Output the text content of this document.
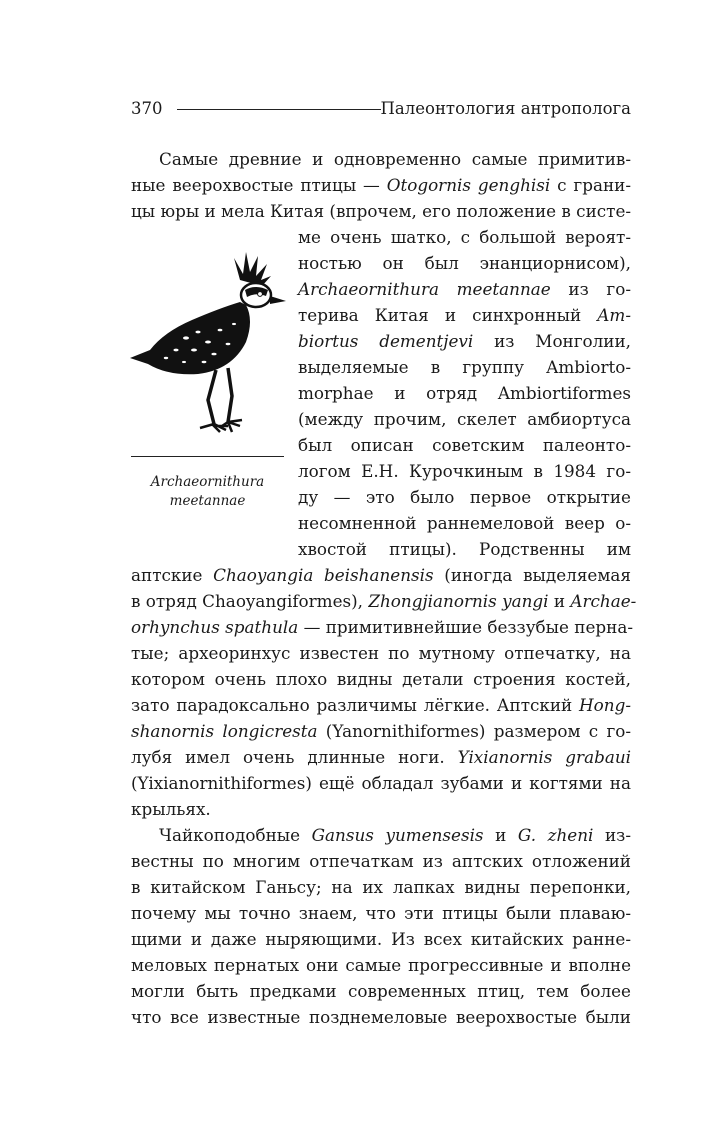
370	Палеонтология антрополога
Archaeornithura
meetannae
Самые древние и одновременно самые примитив-
ные веерохвостые птицы — Otogornis genghisi с грани-
цы юры и мела Китая (впрочем, его положение в систе-
ме очень шатко, с большой вероят-
ностью он был энанциорнисом),
Archaeornithura meetannae из го-
терива Китая и синхронный Am-
biortus dementjevi из Монголии,
выделяемые в группу Ambiorto-
morphae и отряд Ambiortiformes
(между прочим, скелет амбиортуса
был описан советским палеонто-
логом Е.Н. Курочкиным в 1984 го-
ду — это было первое открытие
несомненной раннемеловой веер о-
хвостой птицы). Родственны им
аптские Chaoyangia beishanensis (иногда выделяемая
в отряд Chaoyangiformes), Zhongjianornis yangi и Archae-
orhynchus spathula — примитивнейшие беззубые перна-
тые; археоринхус известен по мутному отпечатку, на
котором очень плохо видны детали строения костей,
зато парадоксально различимы лёгкие. Аптский Hong-
shanornis longicresta (Yanornithiformes) размером с го-
лубя имел очень длинные ноги. Yixianornis grabaui
(Yixianornithiformes) ещё обладал зубами и когтями на
крыльях.
Чайкоподобные Gansus yumensesis и G. zheni из-
вестны по многим отпечаткам из аптских отложений
в китайском Ганьсу; на их лапках видны перепонки,
почему мы точно знаем, что эти птицы были плаваю-
щими и даже ныряющими. Из всех китайских ранне-
меловых пернатых они самые прогрессивные и вполне
могли быть предками современных птиц, тем более
что все известные позднемеловые веерохвостые были
